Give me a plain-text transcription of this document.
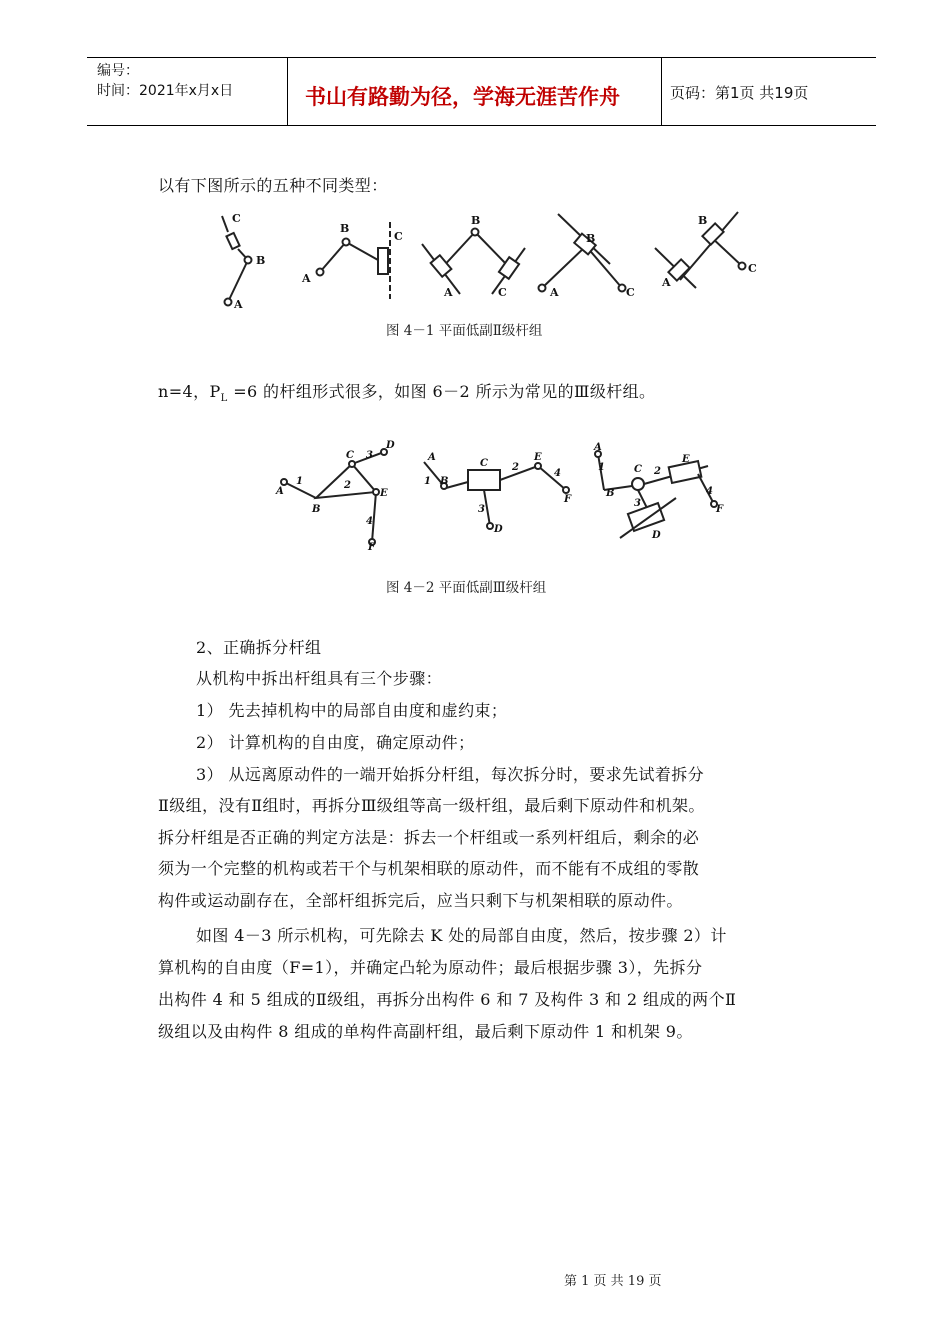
编号：
时间：2021年x月x日	书山有路勤为径，学海无涯苦作舟	页码：第1页 共19页
以有下图所示的五种不同类型：
C
B
A
A
B
C
B
A	C
B
A	C
B
A
C
图 4－1 平面低副Ⅱ级杆组
n=4，$P_L =6$ 的杆组形式很多，如图 6－2 所示为常见的Ⅲ级杆组。
C 3
D
1	2
A
B
E
4
F
A
1 B
C 2
E
4
F
3
D
A
1
B
C 2
E
4
F
3
D
图 4－2 平面低副Ⅲ级杆组
2、正确拆分杆组
从机构中拆出杆组具有三个步骤：
1） 先去掉机构中的局部自由度和虚约束；
2） 计算机构的自由度，确定原动件；
3） 从远离原动件的一端开始拆分杆组，每次拆分时，要求先试着拆分
Ⅱ级组，没有Ⅱ组时，再拆分Ⅲ级组等高一级杆组，最后剩下原动件和机架。
拆分杆组是否正确的判定方法是：拆去一个杆组或一系列杆组后，剩余的必
须为一个完整的机构或若干个与机架相联的原动件，而不能有不成组的零散
构件或运动副存在，全部杆组拆完后，应当只剩下与机架相联的原动件。
如图 4－3 所示机构，可先除去 K 处的局部自由度，然后，按步骤 2）计
算机构的自由度（F=1），并确定凸轮为原动件；最后根据步骤 3），先拆分
出构件 4 和 5 组成的Ⅱ级组，再拆分出构件 6 和 7 及构件 3 和 2 组成的两个Ⅱ
级组以及由构件 8 组成的单构件高副杆组，最后剩下原动件 1 和机架 9。
第 1 页 共 19 页
